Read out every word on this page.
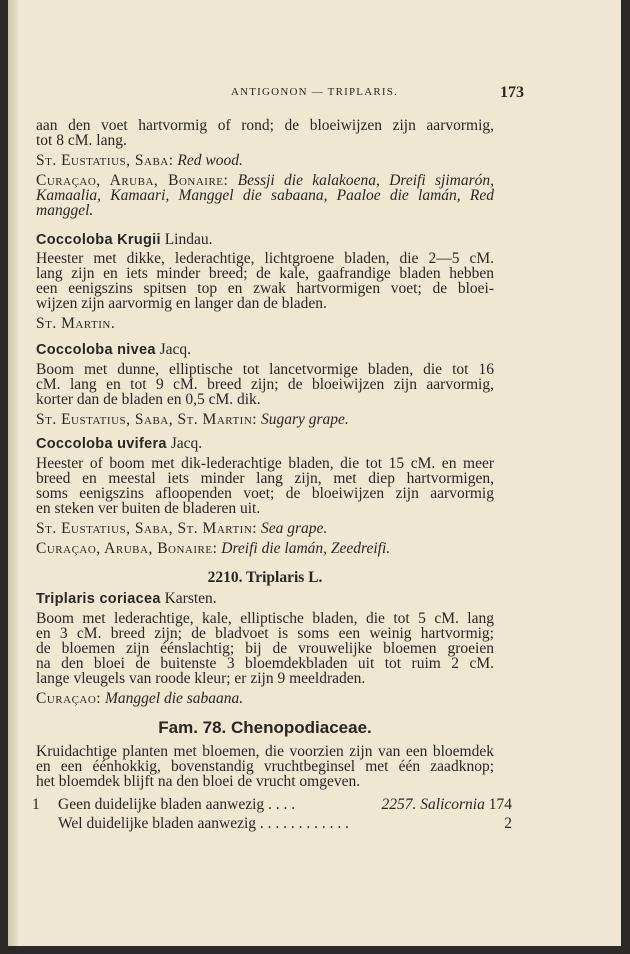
ANTIGONON — TRIPLARIS.	173
aan den voet hartvormig of rond; de bloeiwijzen zijn aarvormig,
tot 8 cM. lang.
St. Eustatius, Saba: Red wood.
Curaçao, Aruba, Bonaire: Bessji die kalakoena, Dreifi sjimarón,
Kamaalia, Kamaari, Manggel die sabaana, Paaloe die lamán, Red
manggel.
Coccoloba Krugii Lindau.
Heester met dikke, lederachtige, lichtgroene bladen, die 2—5 cM.
lang zijn en iets minder breed; de kale, gaafrandige bladen hebben
een eenigszins spitsen top en zwak hartvormigen voet; de bloei-
wijzen zijn aarvormig en langer dan de bladen.
St. Martin.
Coccoloba nivea Jacq.
Boom met dunne, elliptische tot lancetvormige bladen, die tot 16
cM. lang en tot 9 cM. breed zijn; de bloeiwijzen zijn aarvormig,
korter dan de bladen en 0,5 cM. dik.
St. Eustatius, Saba, St. Martin: Sugary grape.
Coccoloba uvifera Jacq.
Heester of boom met dik-lederachtige bladen, die tot 15 cM. en meer
breed en meestal iets minder lang zijn, met diep hartvormigen,
soms eenigszins afloopenden voet; de bloeiwijzen zijn aarvormig
en steken ver buiten de bladeren uit.
St. Eustatius, Saba, St. Martin: Sea grape.
Curaçao, Aruba, Bonaire: Dreifi die lamán, Zeedreifi.
2210. Triplaris L.
Triplaris coriacea Karsten.
Boom met lederachtige, kale, elliptische bladen, die tot 5 cM. lang
en 3 cM. breed zijn; de bladvoet is soms een weinig hartvormig;
de bloemen zijn éénslachtig; bij de vrouwelijke bloemen groeien
na den bloei de buitenste 3 bloemdekbladen uit tot ruim 2 cM.
lange vleugels van roode kleur; er zijn 9 meeldraden.
Curaçao: Manggel die sabaana.
Fam. 78. Chenopodiaceae.
Kruidachtige planten met bloemen, die voorzien zijn van een bloemdek
en een éénhokkig, bovenstandig vruchtbeginsel met één zaadknop;
het bloemdek blijft na den bloei de vrucht omgeven.
1 Geen duidelijke bladen aanwezig . . . .	2257. Salicornia 174
Wel duidelijke bladen aanwezig . . . . . . . . . . . .	2
